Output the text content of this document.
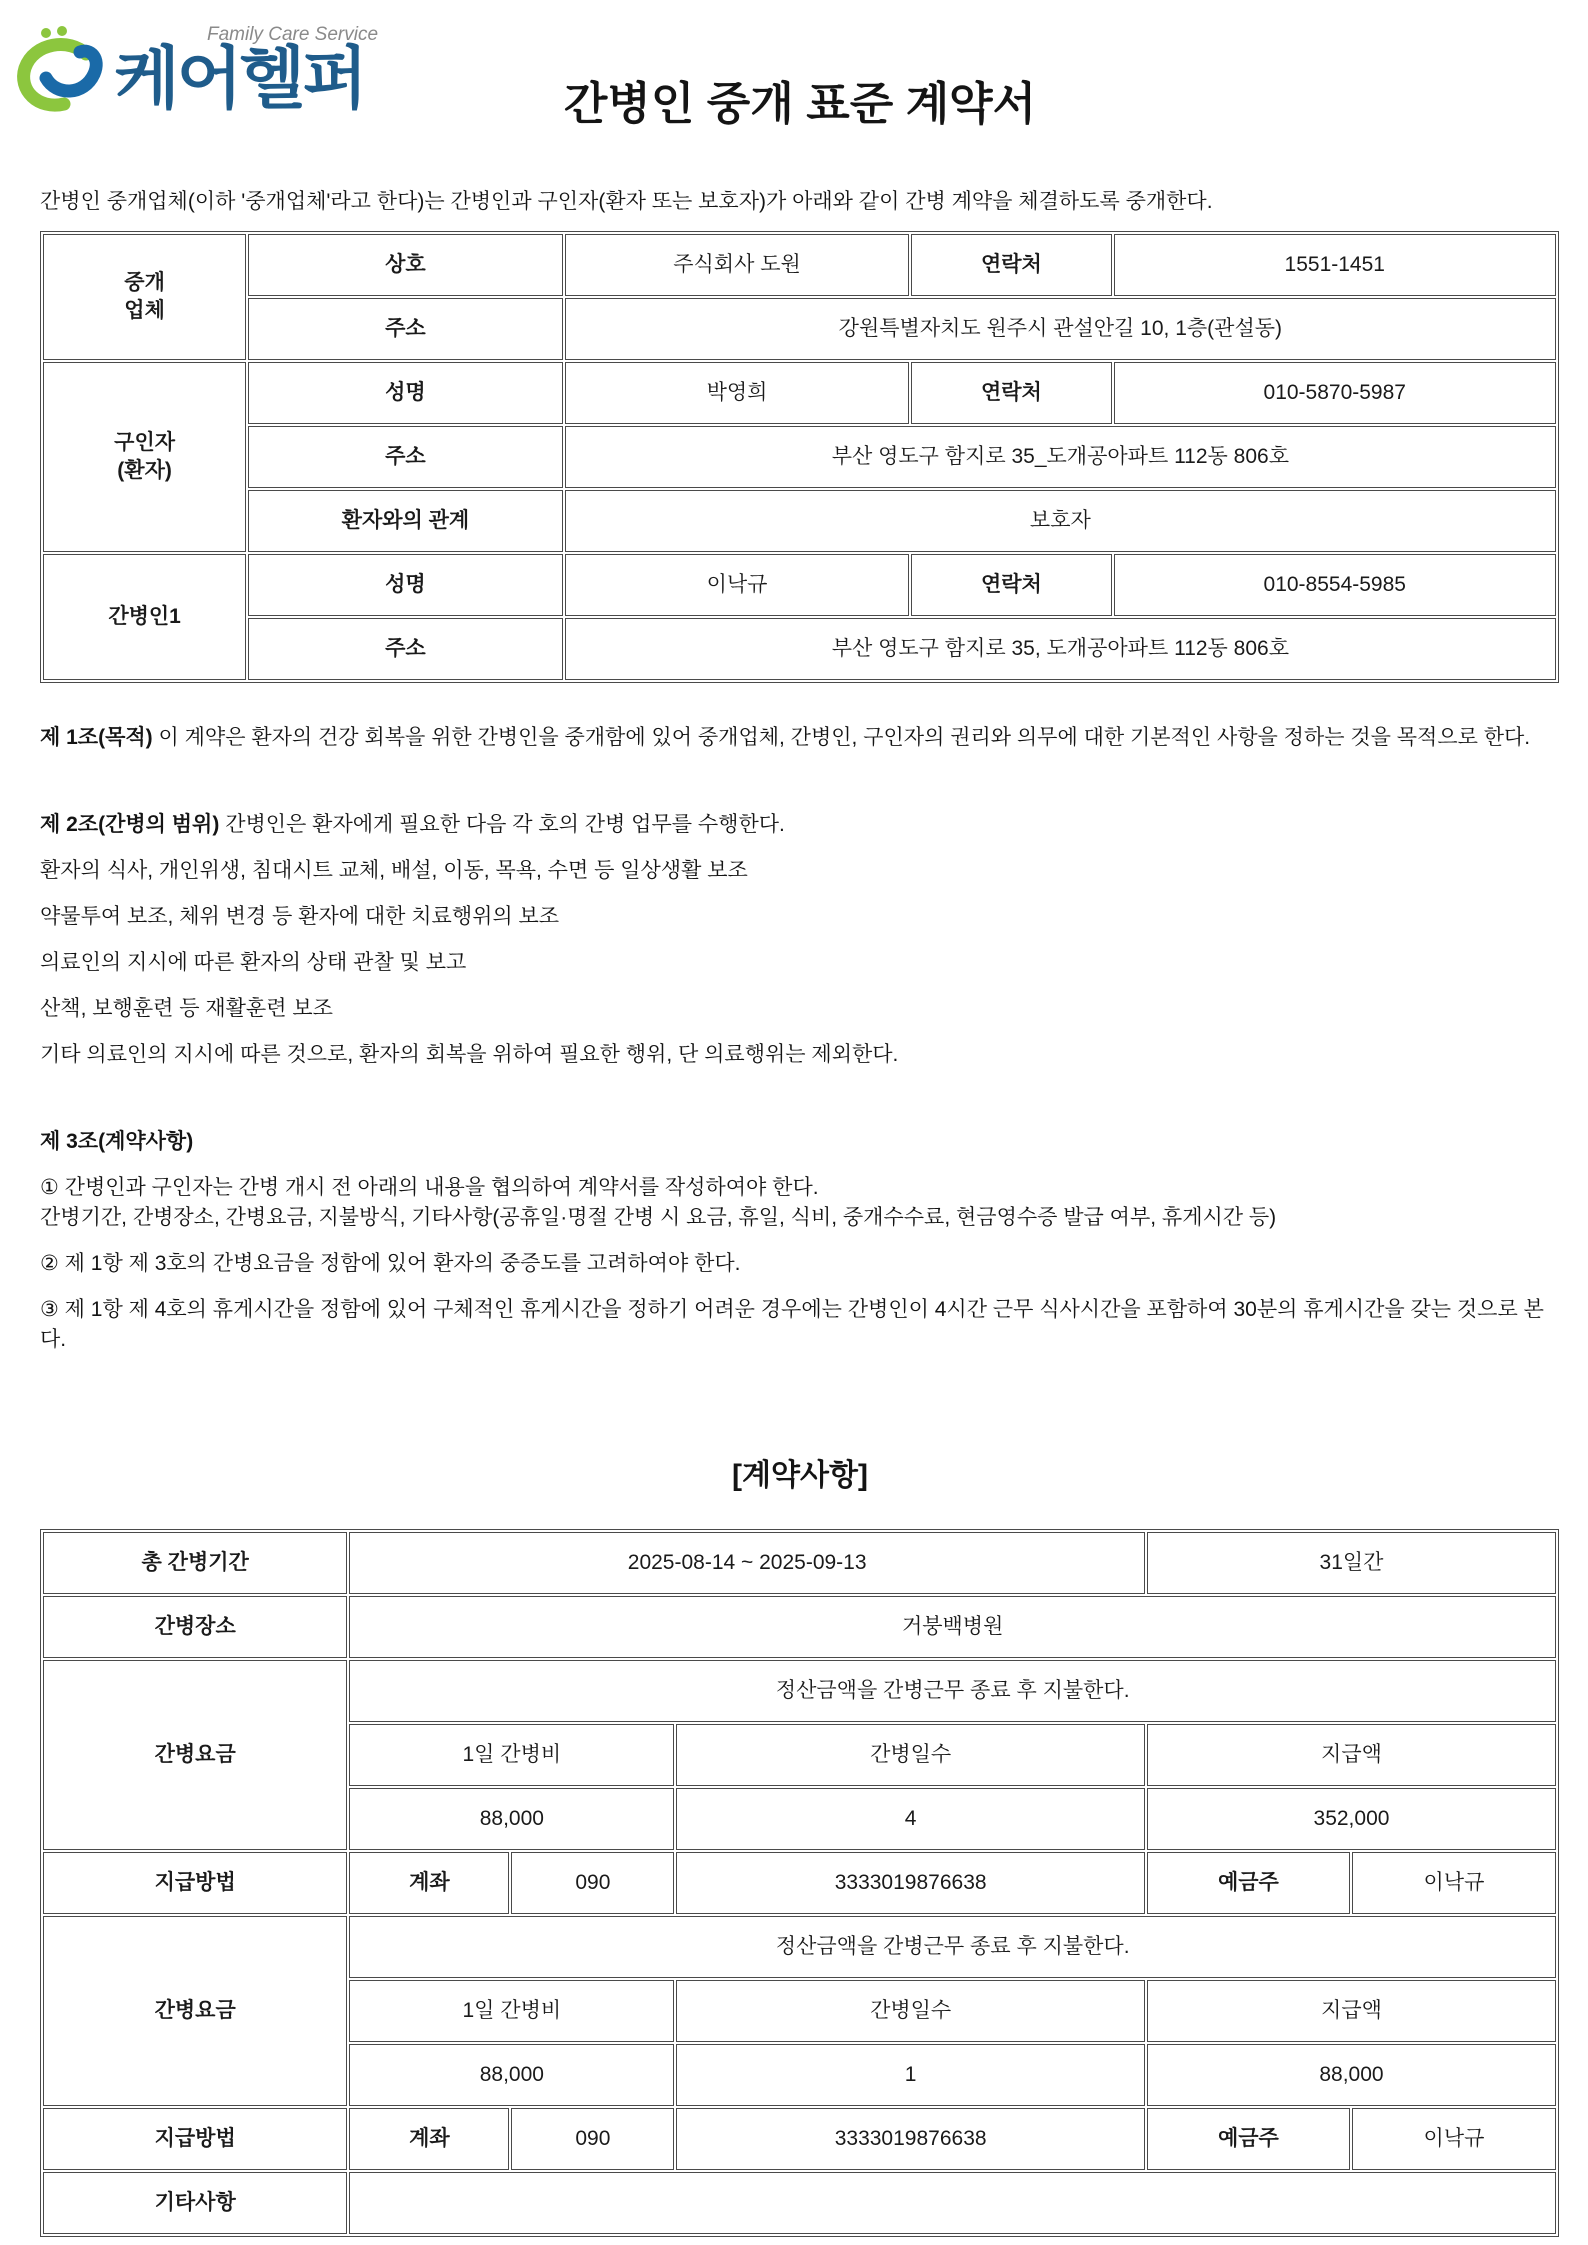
Family Care Service
케어헬퍼	간병인 중개 표준 계약서
간병인 중개업체(이하 '중개업체'라고 한다)는 간병인과 구인자(환자 또는 보호자)가 아래와 같이 간병 계약을 체결하도록 중개한다.
중개
업체	상호	주식회사 도원	연락처	1551-1451
	주소	강원특별자치도 원주시 관설안길 10, 1층(관설동)		

구인자
(환자)	성명	박영희	연락처	010-5870-5987
	주소	부산 영도구 함지로 35_도개공아파트 112동 806호		
	환자와의 관계	보호자		
간병인1	성명	이낙규	연락처	010-8554-5985
	주소	부산 영도구 함지로 35, 도개공아파트 112동 806호		

제 1조(목적) 이 계약은 환자의 건강 회복을 위한 간병인을 중개함에 있어 중개업체, 간병인, 구인자의 권리와 의무에 대한 기본적인 사항을 정하는 것을 목적으로 한다.

제 2조(간병의 범위) 간병인은 환자에게 필요한 다음 각 호의 간병 업무를 수행한다.

환자의 식사, 개인위생, 침대시트 교체, 배설, 이동, 목욕, 수면 등 일상생활 보조

약물투여 보조, 체위 변경 등 환자에 대한 치료행위의 보조

의료인의 지시에 따른 환자의 상태 관찰 및 보고

산책, 보행훈련 등 재활훈련 보조

기타 의료인의 지시에 따른 것으로, 환자의 회복을 위하여 필요한 행위, 단 의료행위는 제외한다.

제 3조(계약사항)

① 간병인과 구인자는 간병 개시 전 아래의 내용을 협의하여 계약서를 작성하여야 한다.
간병기간, 간병장소, 간병요금, 지불방식, 기타사항(공휴일·명절 간병 시 요금, 휴일, 식비, 중개수수료, 현금영수증 발급 여부, 휴게시간 등)

② 제 1항 제 3호의 간병요금을 정함에 있어 환자의 중증도를 고려하여야 한다.

③ 제 1항 제 4호의 휴게시간을 정함에 있어 구체적인 휴게시간을 정하기 어려운 경우에는 간병인이 4시간 근무 식사시간을 포함하여 30분의 휴게시간을 갖는 것으로 본다.

[계약사항]
총 간병기간	2025-08-14 ~ 2025-09-13			31일간	
간병장소	거붕백병원				
간병요금	정산금액을 간병근무 종료 후 지불한다.				
	1일 간병비		간병일수	지급액	
	88,000		4	352,000	
지급방법	계좌	090	3333019876638	예금주	이낙규
간병요금	정산금액을 간병근무 종료 후 지불한다.				
	1일 간병비		간병일수	지급액	
	88,000		1	88,000	
지급방법	계좌	090	3333019876638	예금주	이낙규
기타사항					
